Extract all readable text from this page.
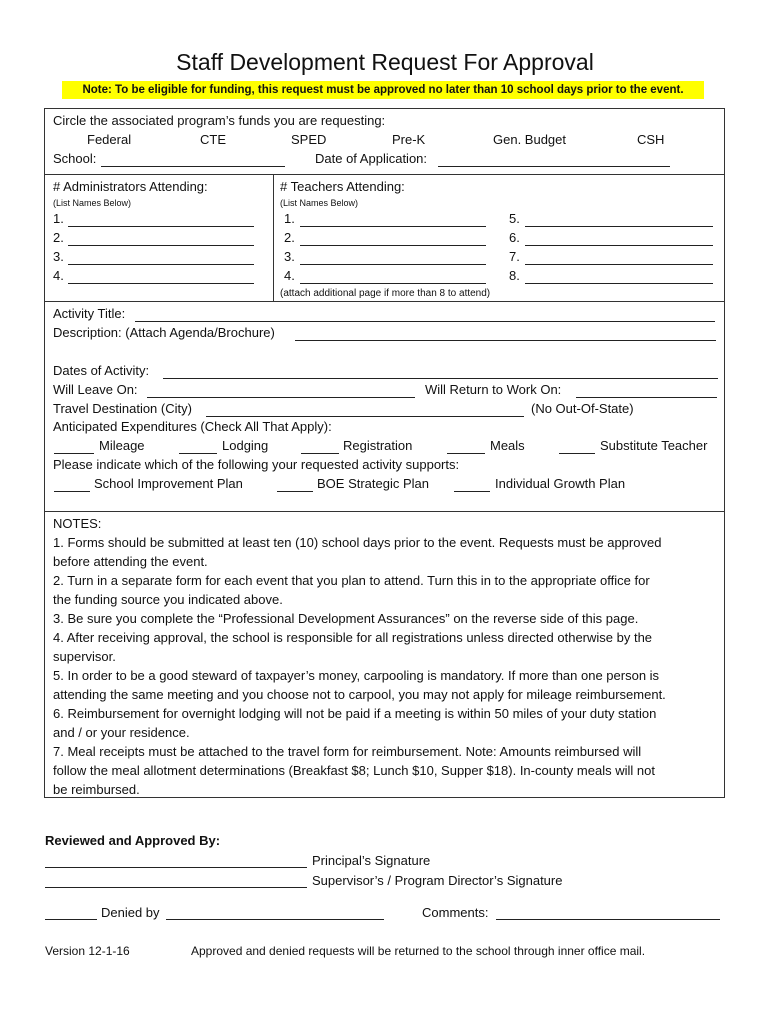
Staff Development Request For Approval
Note: To be eligible for funding, this request must be approved no later than 10 school days prior to the event.
Circle the associated program’s funds you are requesting:
Federal	CTE	SPED	Pre-K	Gen. Budget	CSH
School:	Date of Application:
# Administrators Attending:
(List Names Below)
# Teachers Attending:
(List Names Below)
1.
2.
3.
4.
1.
2.
3.
4.
5.
6.
7.
8.
(attach additional page if more than 8 to attend)
Activity Title:
Description: (Attach Agenda/Brochure)
Dates of Activity:
Will Leave On:	Will Return to Work On:
Travel Destination (City)	(No Out-Of-State)
Anticipated Expenditures (Check All That Apply):
Mileage	Lodging	Registration	Meals	Substitute Teacher
Please indicate which of the following your requested activity supports:
School Improvement Plan	BOE Strategic Plan	Individual Growth Plan
NOTES:
1. Forms should be submitted at least ten (10) school days prior to the event. Requests must be approved
before attending the event.
2. Turn in a separate form for each event that you plan to attend. Turn this in to the appropriate office for
the funding source you indicated above.
3. Be sure you complete the “Professional Development Assurances” on the reverse side of this page.
4. After receiving approval, the school is responsible for all registrations unless directed otherwise by the
supervisor.
5. In order to be a good steward of taxpayer’s money, carpooling is mandatory. If more than one person is
attending the same meeting and you choose not to carpool, you may not apply for mileage reimbursement.
6. Reimbursement for overnight lodging will not be paid if a meeting is within 50 miles of your duty station
and / or your residence.
7. Meal receipts must be attached to the travel form for reimbursement. Note: Amounts reimbursed will
follow the meal allotment determinations (Breakfast $8; Lunch $10, Supper $18). In-county meals will not
be reimbursed.
Reviewed and Approved By:
Principal’s Signature
Supervisor’s / Program Director’s Signature
Denied by	Comments:
Version 12-1-16	Approved and denied requests will be returned to the school through inner office mail.
